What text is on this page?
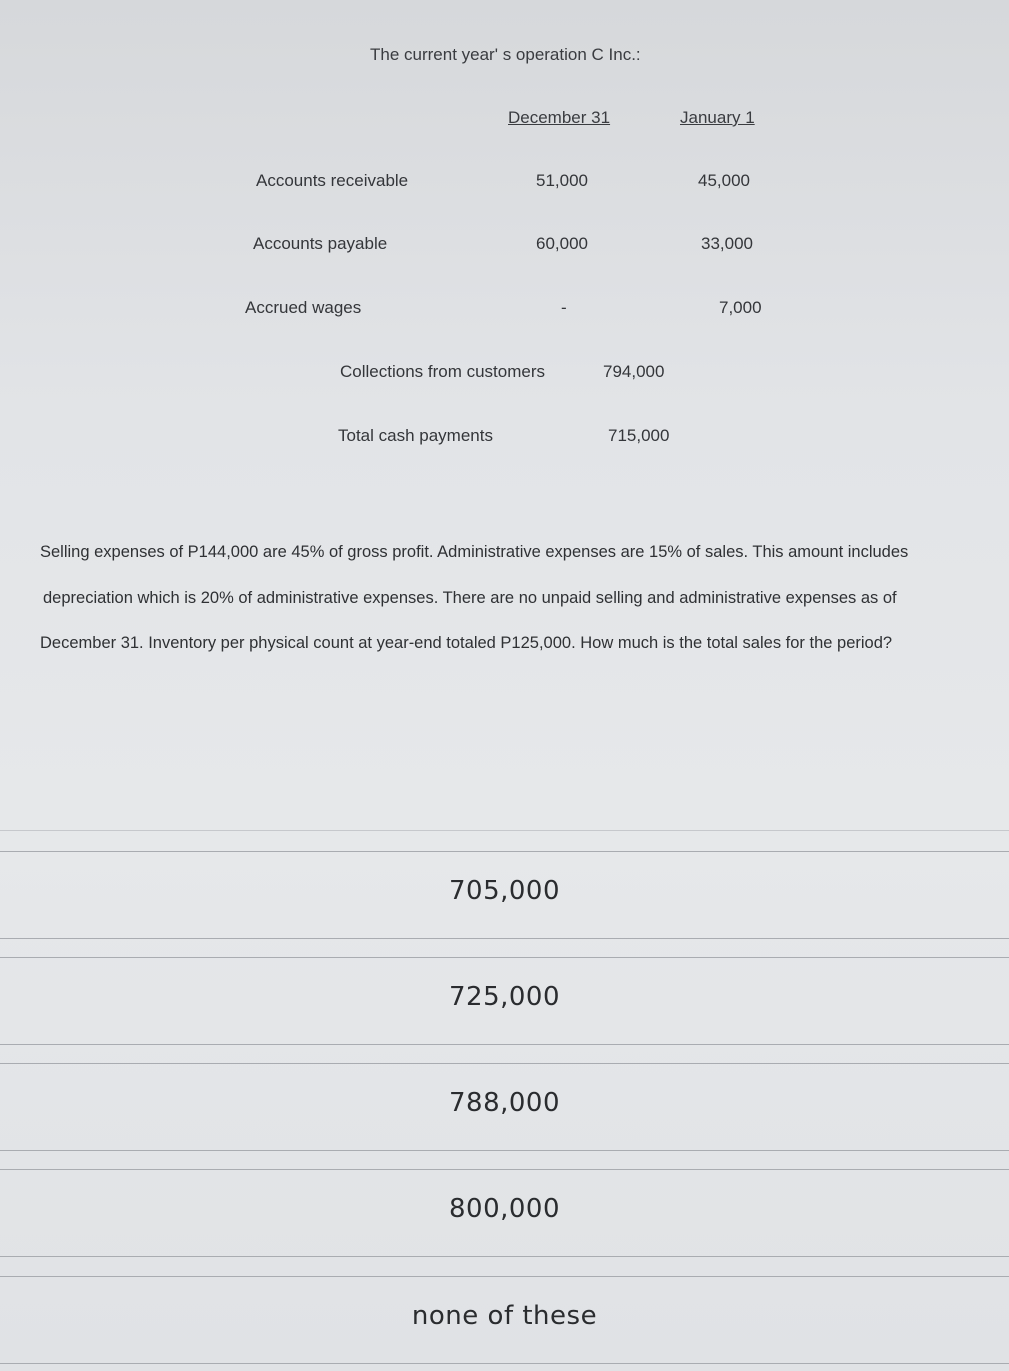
The current year' s operation C Inc.:
December 31	January 1
Accounts receivable	51,000	45,000
Accounts payable	60,000	33,000
Accrued wages	-	7,000
Collections from customers	794,000
Total cash payments	715,000
Selling expenses of P144,000 are 45% of gross profit. Administrative expenses are 15% of sales. This amount includes
depreciation which is 20% of administrative expenses. There are no unpaid selling and administrative expenses as of
December 31. Inventory per physical count at year-end totaled P125,000. How much is the total sales for the period?
705,000
725,000
788,000
800,000
none of these
